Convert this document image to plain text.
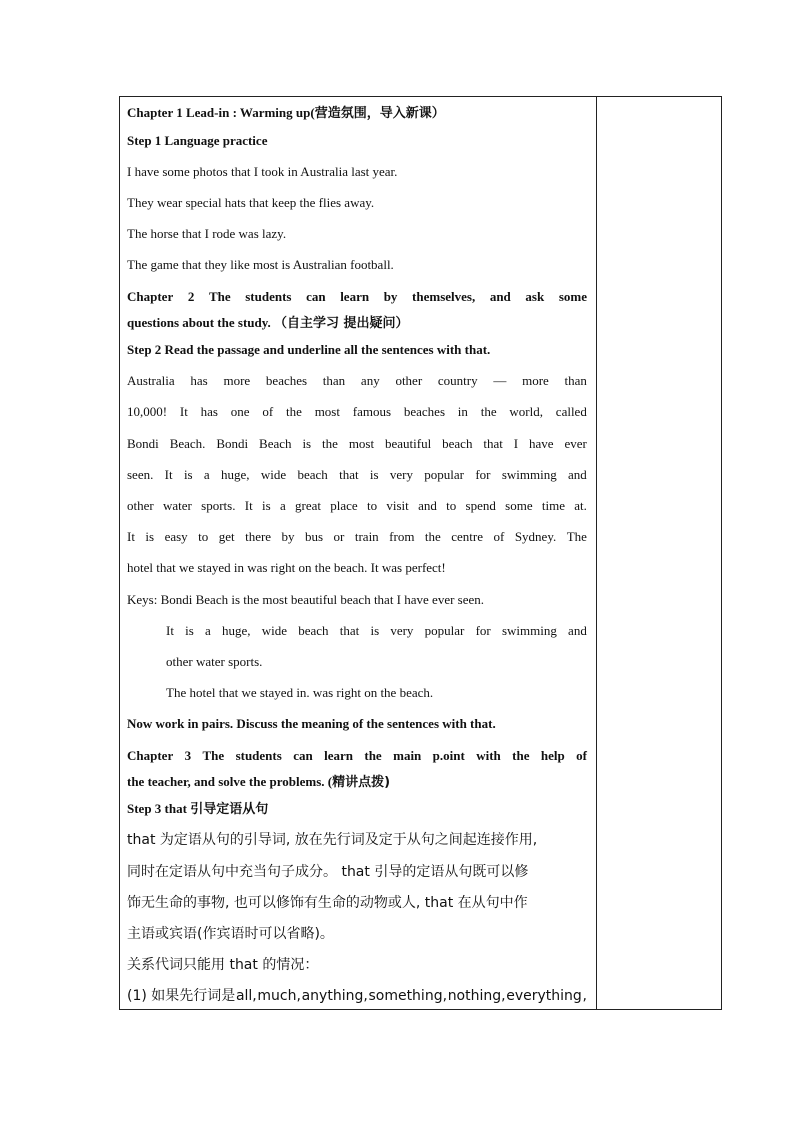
Chapter 1 Lead-in : Warming up(营造氛围，导入新课）
Step 1 Language practice
I have some photos that I took in Australia last year.
They wear special hats that keep the flies away.
The horse that I rode was lazy.
The game that they like most is Australian football.
Chapter 2 The students can learn by themselves, and ask some
questions about the study. （自主学习 提出疑问）
Step 2 Read the passage and underline all the sentences with that.
Australia has more beaches than any other country — more than
10,000! It has one of the most famous beaches in the world, called
Bondi Beach. Bondi Beach is the most beautiful beach that I have ever
seen. It is a huge, wide beach that is very popular for swimming and
other water sports. It is a great place to visit and to spend some time at.
It is easy to get there by bus or train from the centre of Sydney. The
hotel that we stayed in was right on the beach. It was perfect!
Keys: Bondi Beach is the most beautiful beach that I have ever seen.
It is a huge, wide beach that is very popular for swimming and
other water sports.
The hotel that we stayed in. was right on the beach.
Now work in pairs. Discuss the meaning of the sentences with that.
Chapter 3 The students can learn the main p.oint with the help of
the teacher, and solve the problems. (精讲点拨)
Step 3 that 引导定语从句
that 为定语从句的引导词, 放在先行词及定于从句之间起连接作用,
同时在定语从句中充当句子成分。 that 引导的定语从句既可以修
饰无生命的事物, 也可以修饰有生命的动物或人, that 在从句中作
主语或宾语(作宾语时可以省略)。
关系代词只能用 that 的情况：
(1) 如果先行词是 all, much, anything, something, nothing, everything ,
